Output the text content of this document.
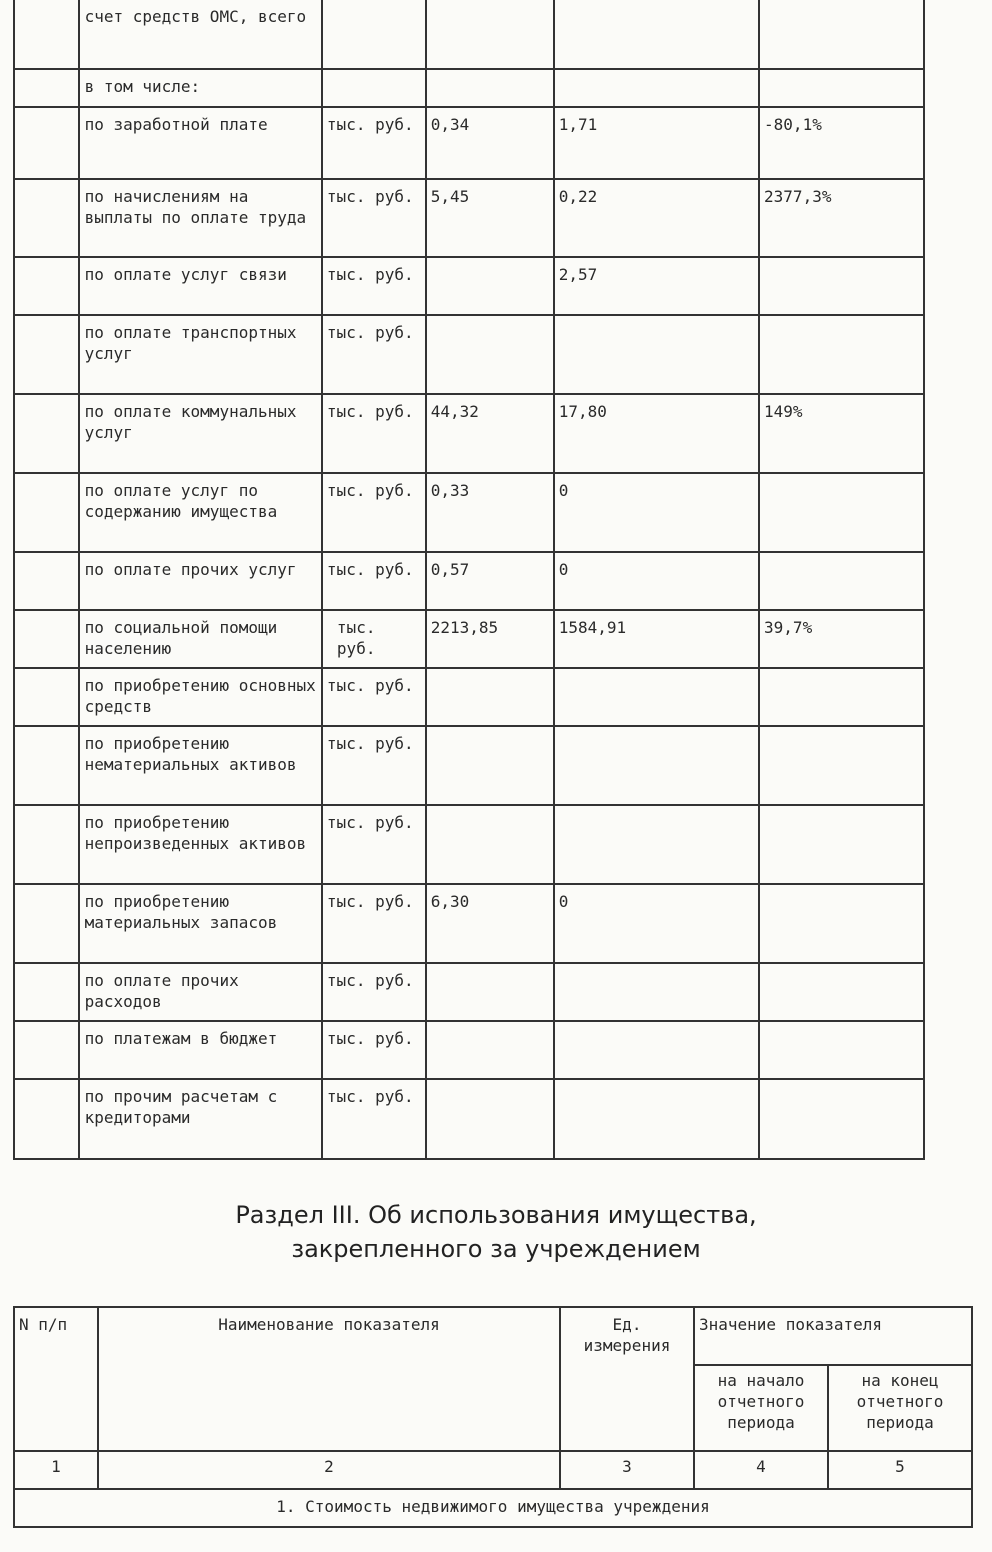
	счет средств ОМС, всего				
	в том числе:				
	по заработной плате	тыс. руб.	0,34	1,71	-80,1%
	по начислениям на выплаты по оплате труда	тыс. руб.	5,45	0,22	2377,3%
	по оплате услуг связи	тыс. руб.		2,57	
	по оплате транспортных услуг	тыс. руб.			
	по оплате коммунальных услуг	тыс. руб.	44,32	17,80	149%
	по оплате услуг по содержанию имущества	тыс. руб.	0,33	0	
	по оплате прочих услуг	тыс. руб.	0,57	0	
	по социальной помощи населению	тыс. руб.	2213,85	1584,91	39,7%
	по приобретению основных средств	тыс. руб.			
	по приобретению нематериальных активов	тыс. руб.			
	по приобретению непроизведенных активов	тыс. руб.			
	по приобретению материальных запасов	тыс. руб.	6,30	0	
	по оплате прочих расходов	тыс. руб.			
	по платежам в бюджет	тыс. руб.			
	по прочим расчетам с кредиторами	тыс. руб.			
Раздел III. Об использования имущества,
закрепленного за учреждением
N п/п	Наименование показателя	Ед. измерения	Значение показателя	
			на начало отчетного периода	на конец отчетного периода
1	2	3	4	5
1. Стоимость недвижимого имущества учреждения				
